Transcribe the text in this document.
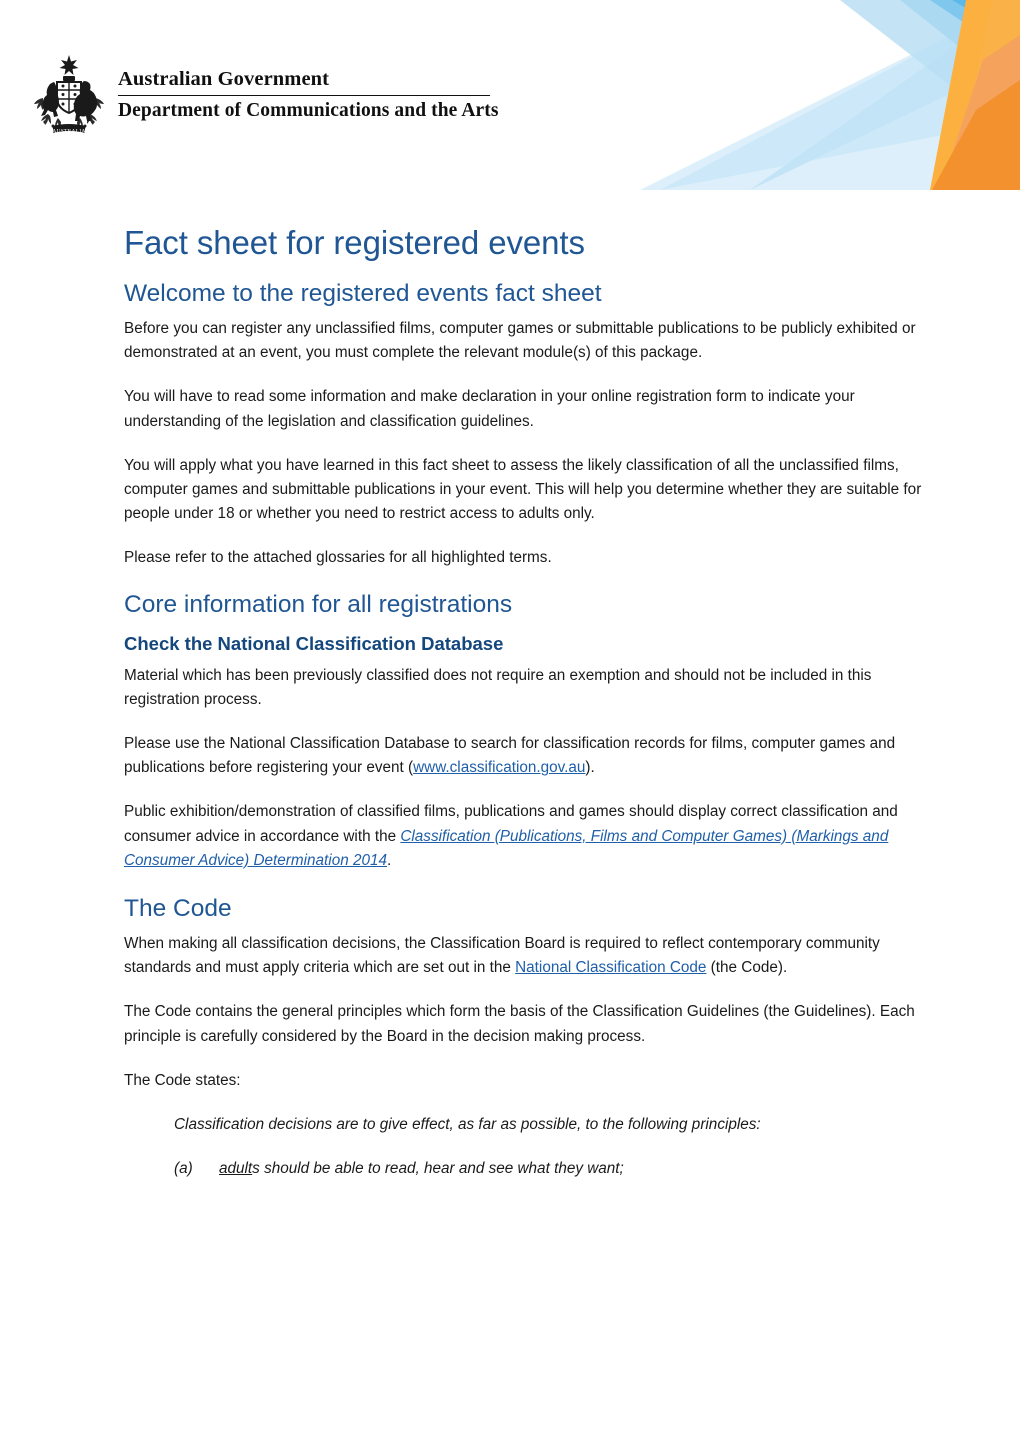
AUSTRALIA
Australian Government
Department of Communications and the Arts
Fact sheet for registered events
Welcome to the registered events fact sheet

Before you can register any unclassified films, computer games or submittable publications to be publicly exhibited or demonstrated at an event, you must complete the relevant module(s) of this package.

You will have to read some information and make declaration in your online registration form to indicate your understanding of the legislation and classification guidelines.

You will apply what you have learned in this fact sheet to assess the likely classification of all the unclassified films, computer games and submittable publications in your event. This will help you determine whether they are suitable for people under 18 or whether you need to restrict access to adults only.

Please refer to the attached glossaries for all highlighted terms.

Core information for all registrations
Check the National Classification Database

Material which has been previously classified does not require an exemption and should not be included in this registration process.

Please use the National Classification Database to search for classification records for films, computer games and publications before registering your event (www.classification.gov.au).

Public exhibition/demonstration of classified films, publications and games should display correct classification and consumer advice in accordance with the Classification (Publications, Films and Computer Games) (Markings and Consumer Advice) Determination 2014.

The Code

When making all classification decisions, the Classification Board is required to reflect contemporary community standards and must apply criteria which are set out in the National Classification Code (the Code).

The Code contains the general principles which form the basis of the Classification Guidelines (the Guidelines). Each principle is carefully considered by the Board in the decision making process.

The Code states:

Classification decisions are to give effect, as far as possible, to the following principles:

(a)	adults should be able to read, hear and see what they want;
